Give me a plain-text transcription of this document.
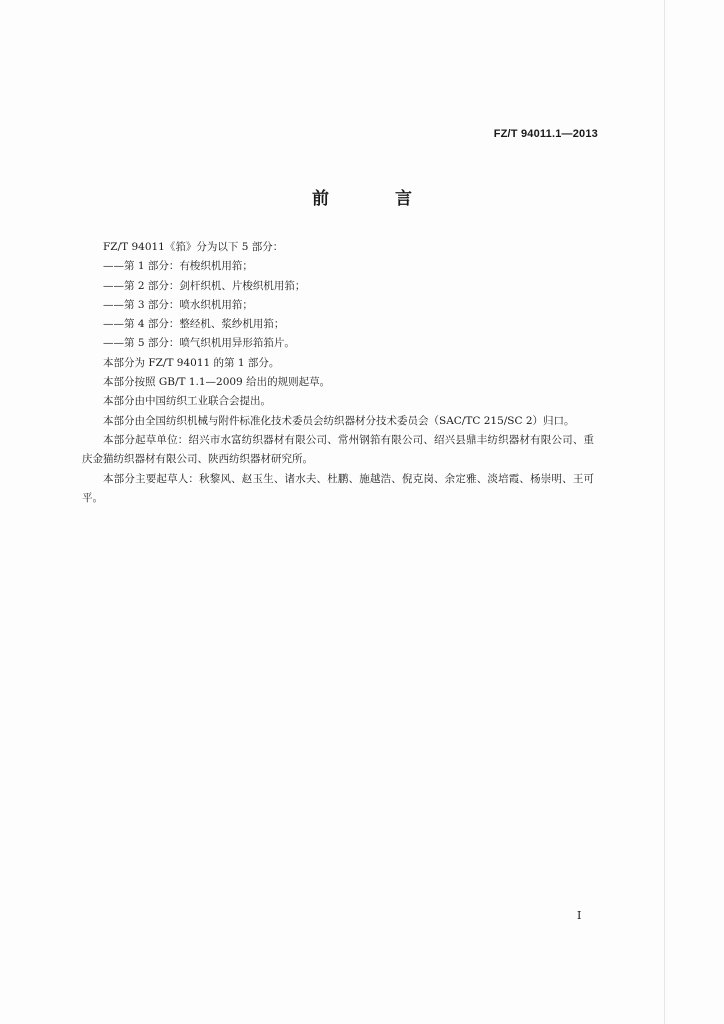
FZ/T 94011.1—2013
前 言

FZ/T 94011《筘》分为以下 5 部分：

——第 1 部分：有梭织机用筘；

——第 2 部分：剑杆织机、片梭织机用筘；

——第 3 部分：喷水织机用筘；

——第 4 部分：整经机、浆纱机用筘；

——第 5 部分：喷气织机用异形筘筘片。

本部分为 FZ/T 94011 的第 1 部分。

本部分按照 GB/T 1.1—2009 给出的规则起草。

本部分由中国纺织工业联合会提出。

本部分由全国纺织机械与附件标准化技术委员会纺织器材分技术委员会（SAC/TC 215/SC 2）归口。

本部分起草单位：绍兴市水富纺织器材有限公司、常州钢筘有限公司、绍兴县鼎丰纺织器材有限公司、重庆金猫纺织器材有限公司、陕西纺织器材研究所。

本部分主要起草人：秋黎风、赵玉生、诸水夫、杜鹏、施越浩、倪克岗、余定雅、淡培霞、杨崇明、王可平。

I
